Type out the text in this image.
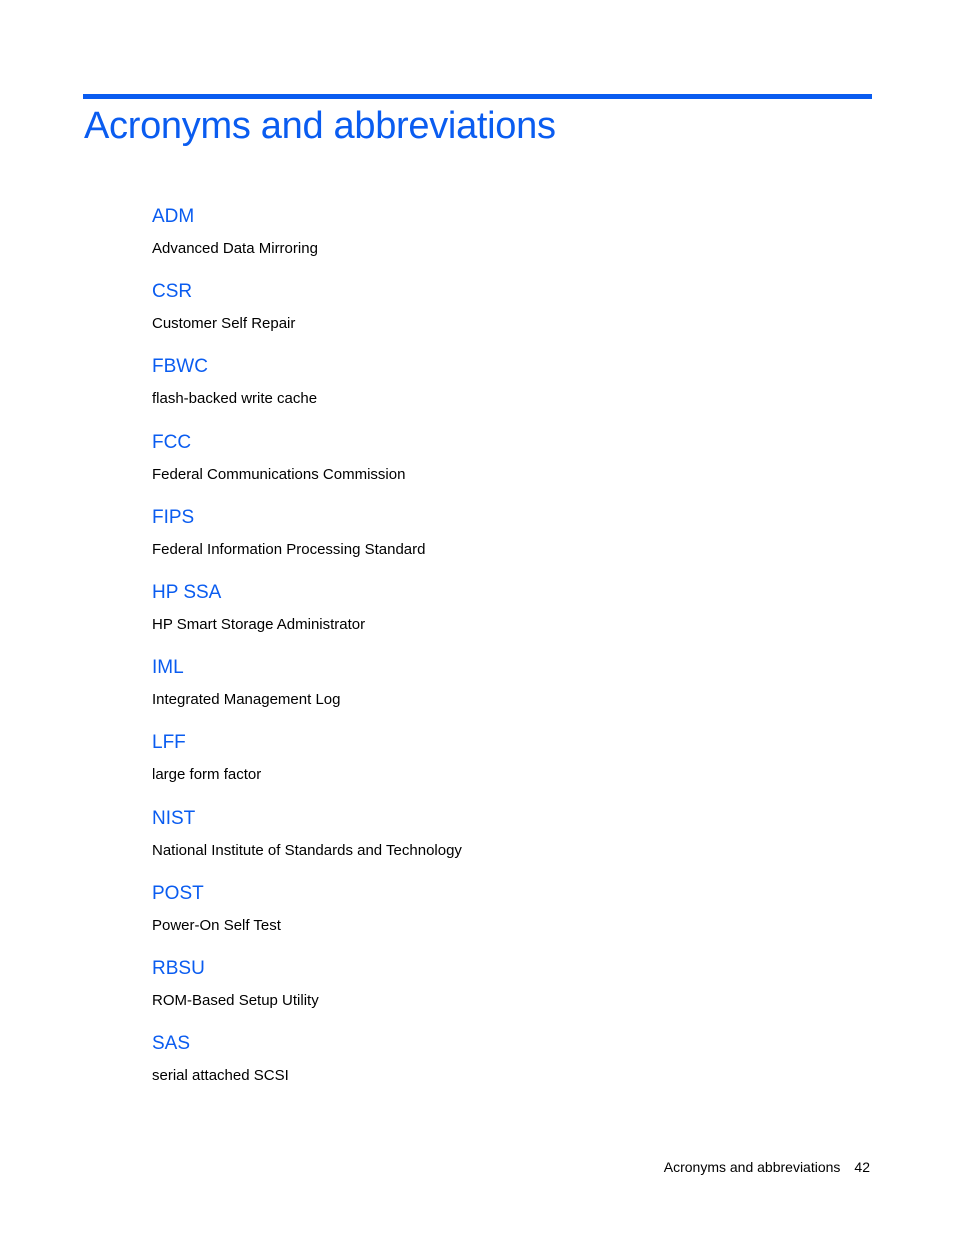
Acronyms and abbreviations
ADM
Advanced Data Mirroring
CSR
Customer Self Repair
FBWC
flash-backed write cache
FCC
Federal Communications Commission
FIPS
Federal Information Processing Standard
HP SSA
HP Smart Storage Administrator
IML
Integrated Management Log
LFF
large form factor
NIST
National Institute of Standards and Technology
POST
Power-On Self Test
RBSU
ROM-Based Setup Utility
SAS
serial attached SCSI
Acronyms and abbreviations 42
